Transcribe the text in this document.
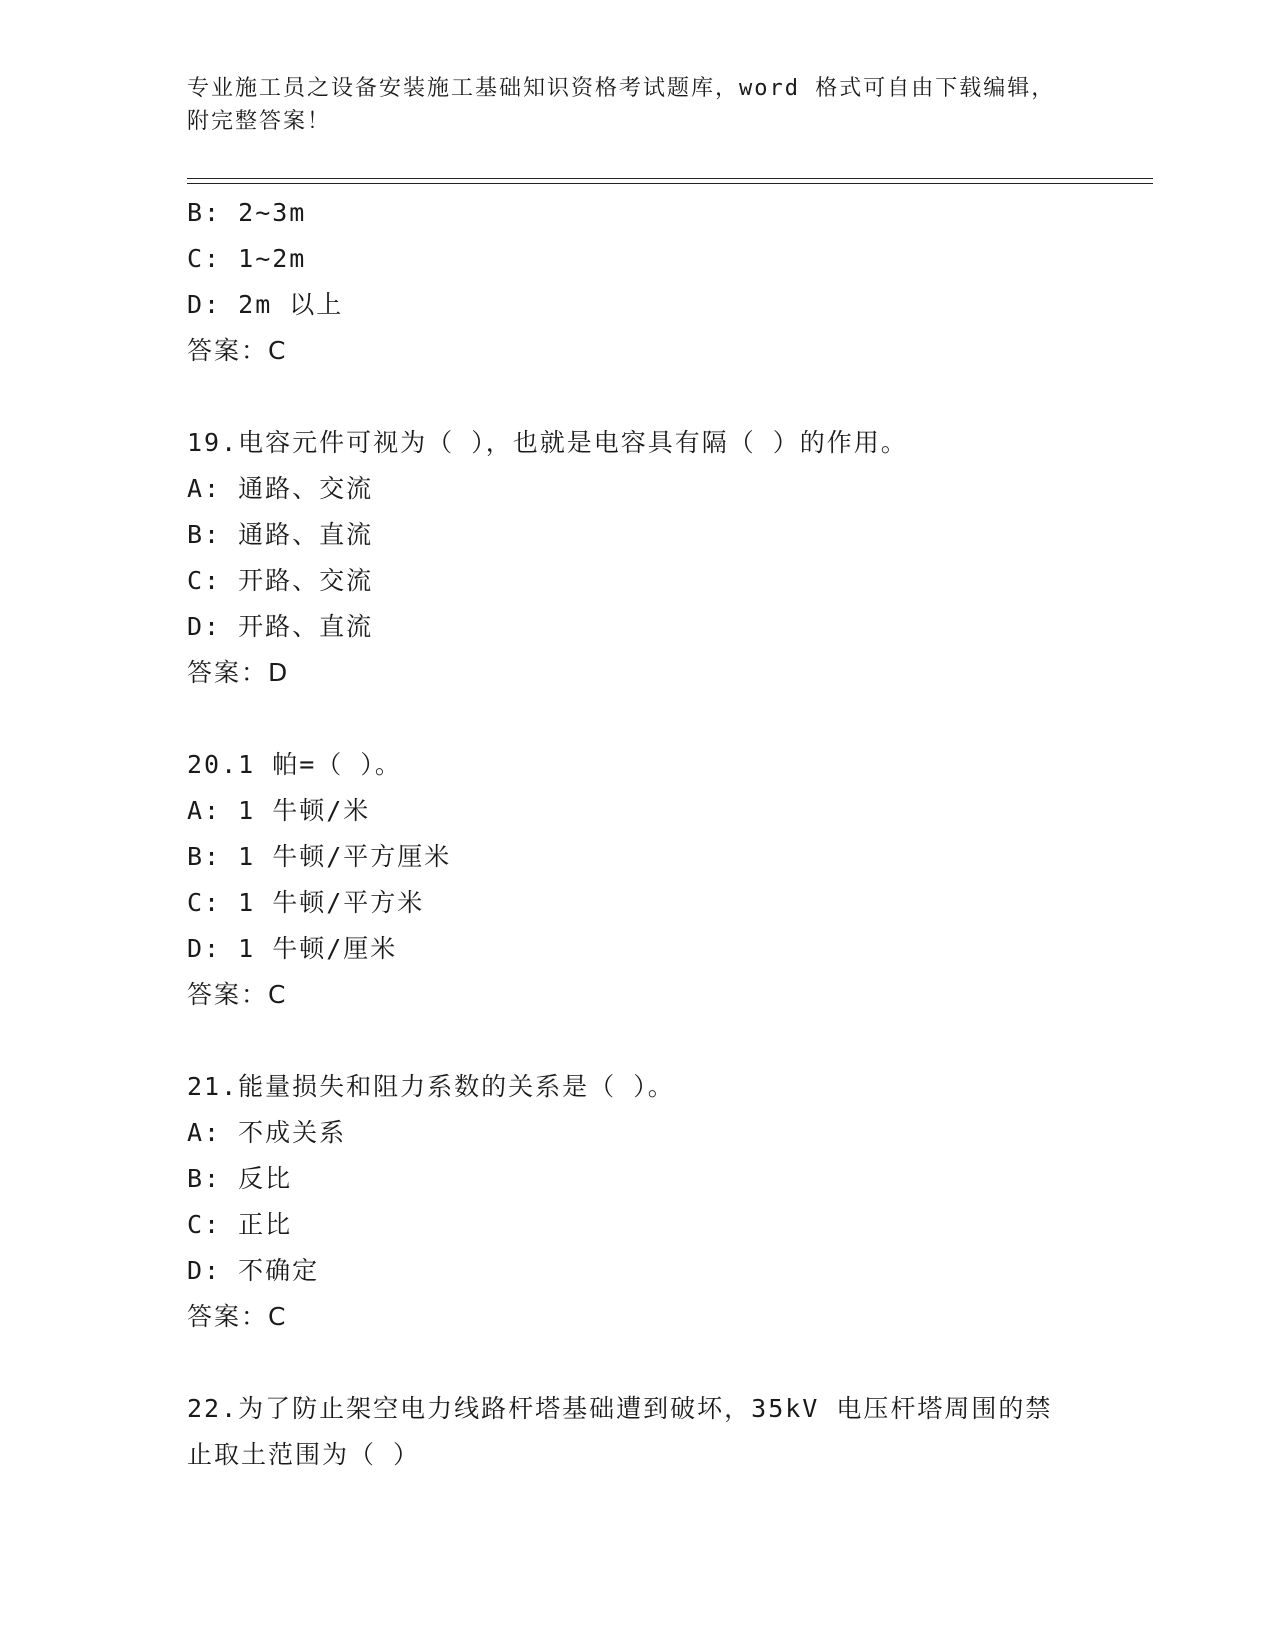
专业施工员之设备安装施工基础知识资格考试题库，word 格式可自由下载编辑，
附完整答案！
B: 2~3m
C: 1~2m
D: 2m 以上
答案：C
19.电容元件可视为（ ），也就是电容具有隔（ ）的作用。
A: 通路、交流
B: 通路、直流
C: 开路、交流
D: 开路、直流
答案：D
20.1 帕=（ ）。
A: 1 牛顿/米
B: 1 牛顿/平方厘米
C: 1 牛顿/平方米
D: 1 牛顿/厘米
答案：C
21.能量损失和阻力系数的关系是（ ）。
A: 不成关系
B: 反比
C: 正比
D: 不确定
答案：C
22.为了防止架空电力线路杆塔基础遭到破坏，35kV 电压杆塔周围的禁
止取土范围为（ ）
